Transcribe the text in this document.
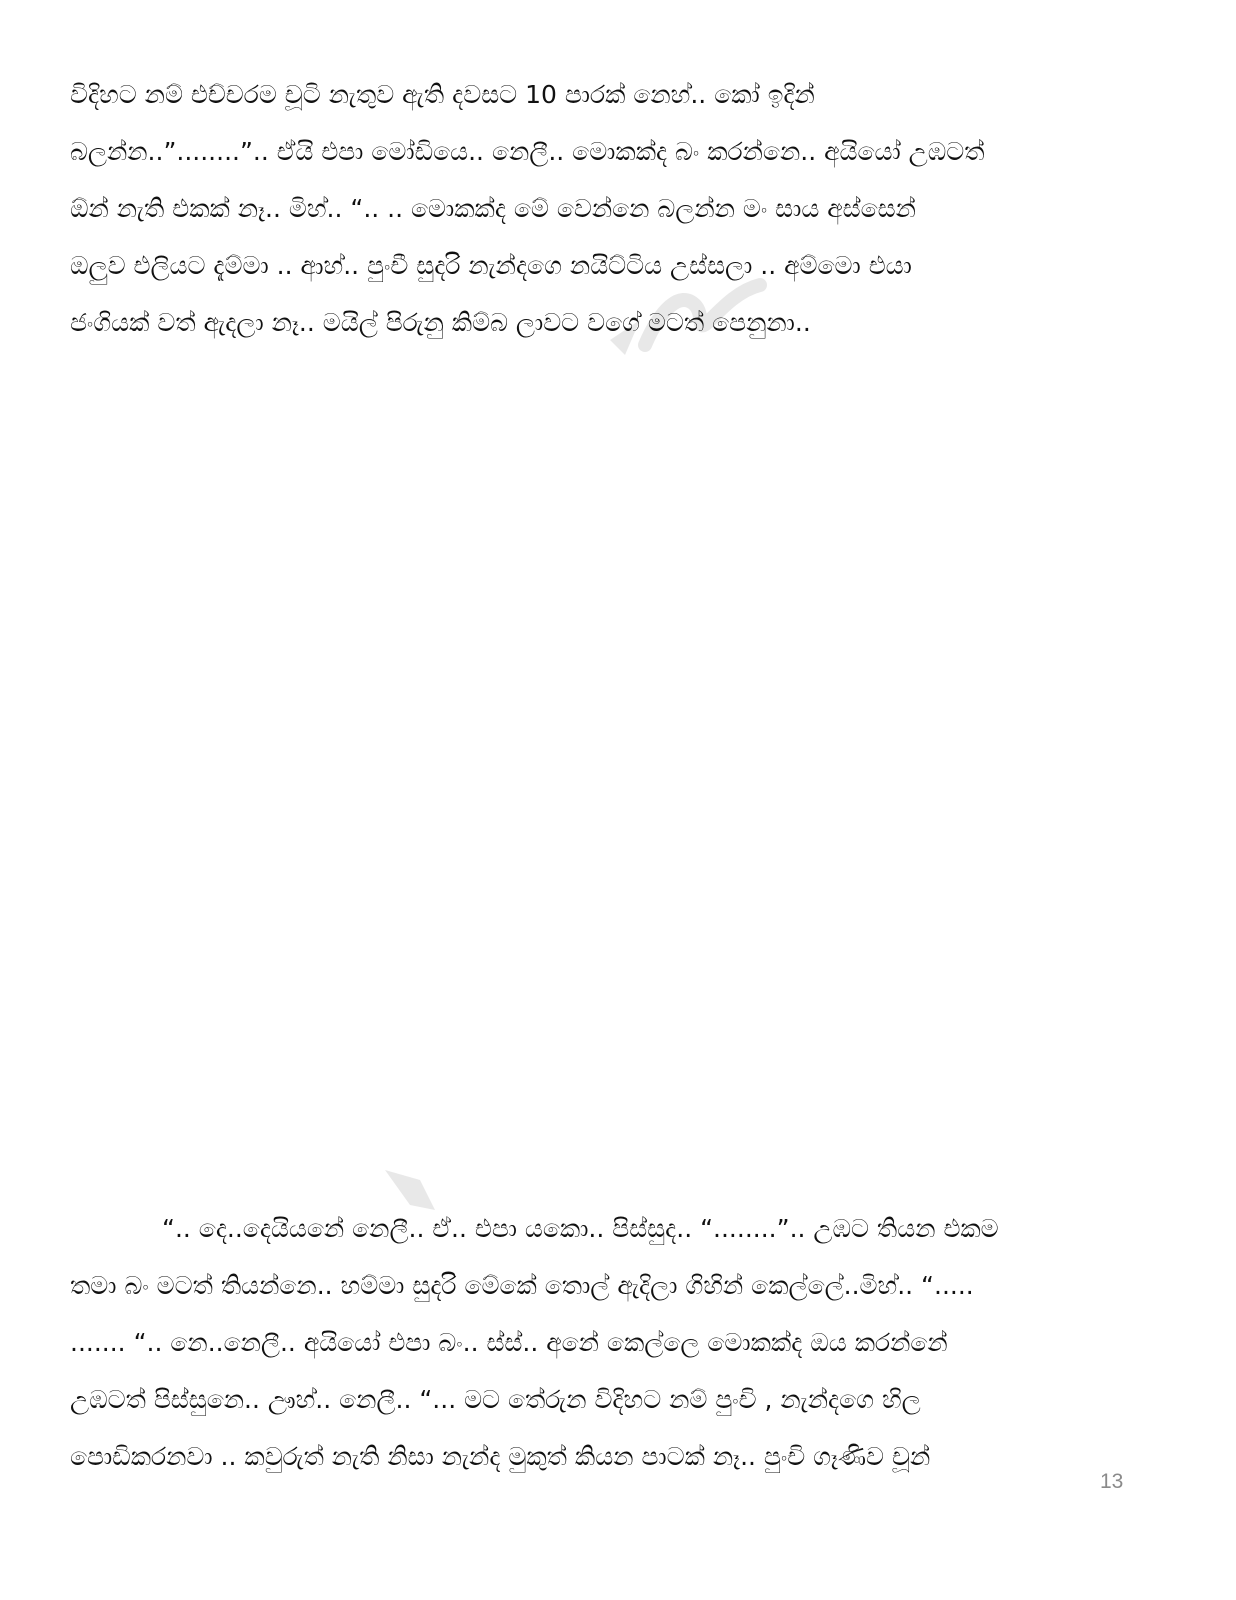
විදිහට නම් එච්චරම චූටි නැතුව ඇති දවසට 10 පාරක් නෙහ්.. කෝ ඉදින්
බලන්න..”........”.. ඒයි එපා මෝඩියෙ.. නෙලී.. මොකක්ද බං කරන්නෙ.. අයියෝ උඹටත්
ඕන් නැති එකක් නෑ.. මිහ්.. “.. .. මොකක්ද මේ වෙන්නෙ බලන්න මං සාය අස්සෙන්
ඔලුව එලියට දැම්මා .. ආහ්.. පුංචී සුදරි නැන්දගෙ නයිට්ටිය උස්සලා .. අම්මො එයා
ජංගියක් වත් ඇදලා නෑ.. මයිල් පිරුනු කිම්බ ලාවට වගේ මටත් පෙනුනා..
“.. දෙ..දෙයියනේ නෙලී.. ඒ.. එපා යකො.. පිස්සුද.. “........”.. උඹට තියන එකම
තමා බං මටත් තියන්නෙ.. හම්මා සුදරි මේකේ තොල් ඇදිලා ගිහින් කෙල්ලේ..මිහ්.. “.....
....... “.. නෙ..නෙලී.. අයියෝ එපා බං.. ස්ස්.. අනේ කෙල්ලෙ මොකක්ද ඔය කරන්නේ
උඹටත් පිස්සුනෙ.. ඌහ්.. නෙලී.. “... මට තේරුන විදිහට නම් පුංචි , නැන්දගෙ හිල
පොඩිකරනවා .. කවුරුත් නැති නිසා නැන්ද මුකුත් කියන පාටක් නෑ.. පුංචි ගෑණිව චූන්
13
